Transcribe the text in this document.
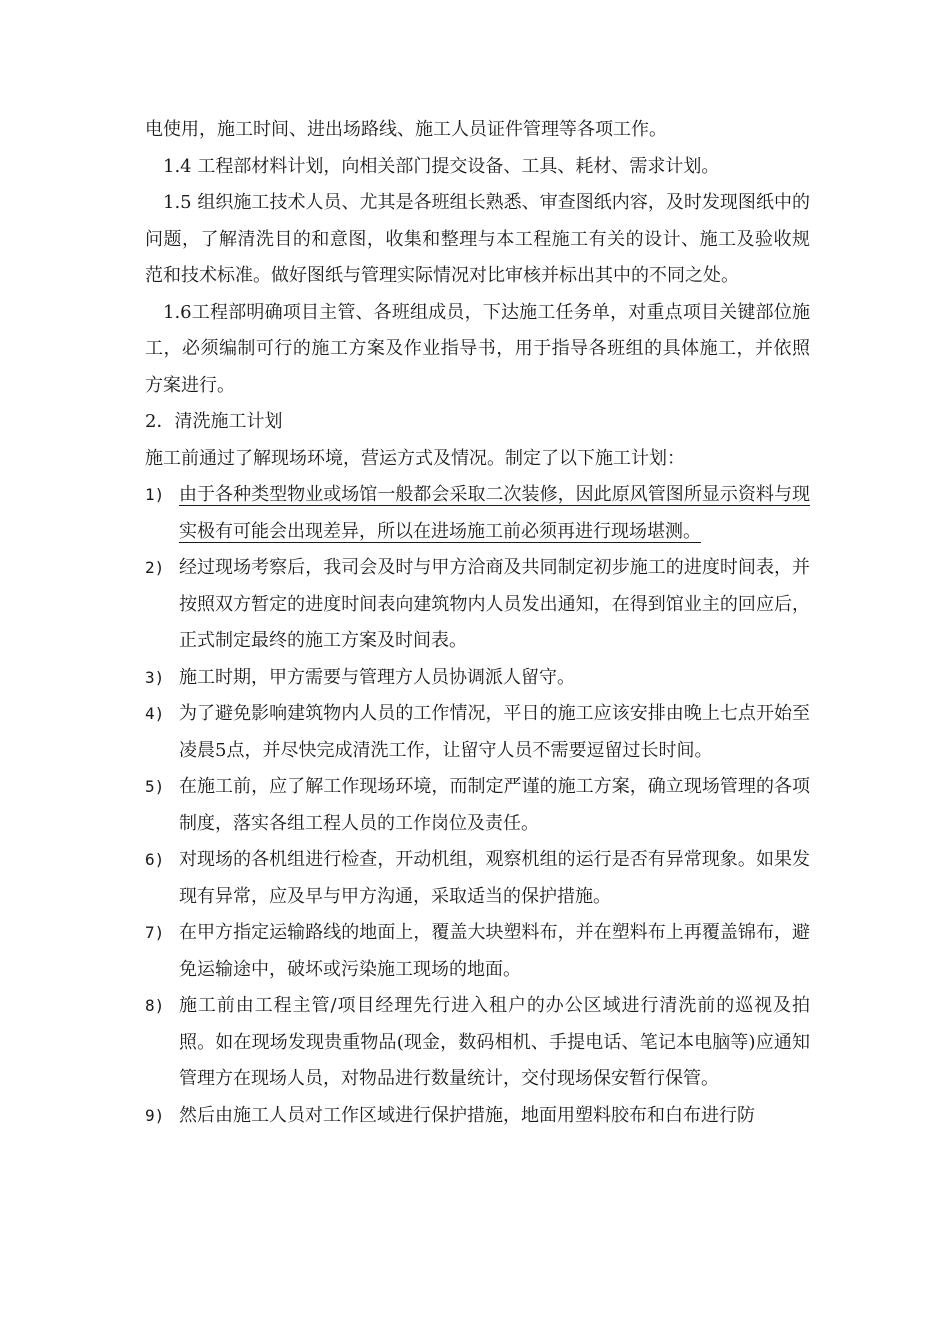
电使用，施工时间、进出场路线、施工人员证件管理等各项工作。

1.4 工程部材料计划，向相关部门提交设备、工具、耗材、需求计划。

1.5 组织施工技术人员、尤其是各班组长熟悉、审查图纸内容，及时发现图纸中的问题，了解清洗目的和意图，收集和整理与本工程施工有关的设计、施工及验收规范和技术标准。做好图纸与管理实际情况对比审核并标出其中的不同之处。

1.6工程部明确项目主管、各班组成员，下达施工任务单，对重点项目关键部位施工，必须编制可行的施工方案及作业指导书，用于指导各班组的具体施工，并依照方案进行。

2．清洗施工计划

施工前通过了解现场环境，营运方式及情况。制定了以下施工计划：

1) 由于各种类型物业或场馆一般都会采取二次装修，因此原风管图所显示资料与现实极有可能会出现差异，所以在进场施工前必须再进行现场堪测。
2) 经过现场考察后，我司会及时与甲方洽商及共同制定初步施工的进度时间表，并按照双方暂定的进度时间表向建筑物内人员发出通知，在得到馆业主的回应后，正式制定最终的施工方案及时间表。
3) 施工时期，甲方需要与管理方人员协调派人留守。
4) 为了避免影响建筑物内人员的工作情况，平日的施工应该安排由晚上七点开始至凌晨5点，并尽快完成清洗工作，让留守人员不需要逗留过长时间。
5) 在施工前，应了解工作现场环境，而制定严谨的施工方案，确立现场管理的各项制度，落实各组工程人员的工作岗位及责任。
6) 对现场的各机组进行检查，开动机组，观察机组的运行是否有异常现象。如果发现有异常，应及早与甲方沟通，采取适当的保护措施。
7) 在甲方指定运输路线的地面上，覆盖大块塑料布，并在塑料布上再覆盖锦布，避免运输途中，破坏或污染施工现场的地面。
8) 施工前由工程主管/项目经理先行进入租户的办公区域进行清洗前的巡视及拍照。如在现场发现贵重物品(现金，数码相机、手提电话、笔记本电脑等)应通知管理方在现场人员，对物品进行数量统计，交付现场保安暂行保管。
9) 然后由施工人员对工作区域进行保护措施，地面用塑料胶布和白布进行防
